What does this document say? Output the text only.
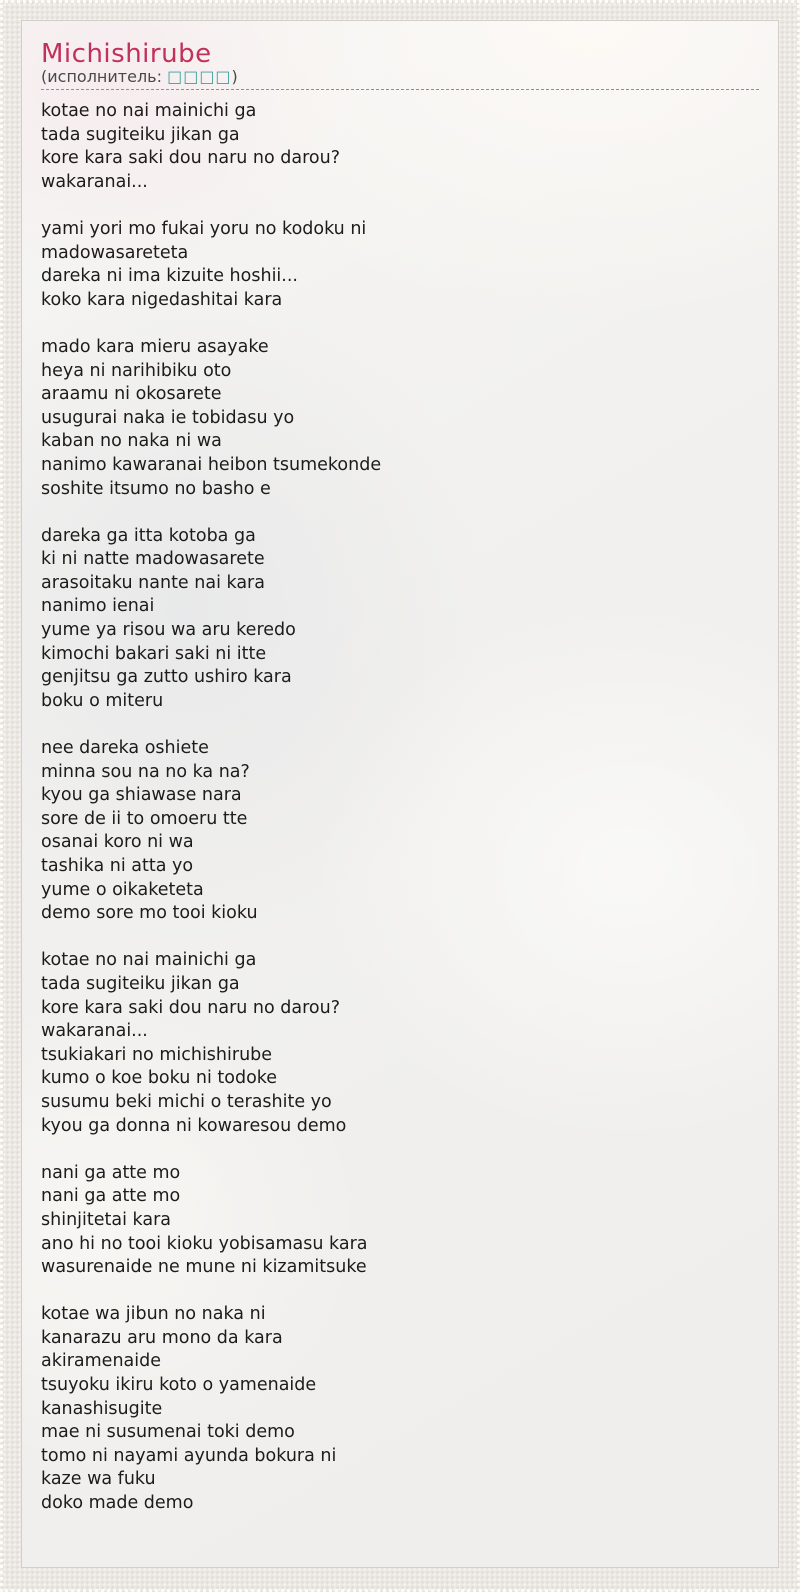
Michishirube
(исполнитель: □□□□)
kotae no nai mainichi ga
tada sugiteiku jikan ga
kore kara saki dou naru no darou?
wakaranai...
yami yori mo fukai yoru no kodoku ni
madowasareteta
dareka ni ima kizuite hoshii...
koko kara nigedashitai kara
mado kara mieru asayake
heya ni narihibiku oto
araamu ni okosarete
usugurai naka ie tobidasu yo
kaban no naka ni wa
nanimo kawaranai heibon tsumekonde
soshite itsumo no basho e
dareka ga itta kotoba ga
ki ni natte madowasarete
arasoitaku nante nai kara
nanimo ienai
yume ya risou wa aru keredo
kimochi bakari saki ni itte
genjitsu ga zutto ushiro kara
boku o miteru
nee dareka oshiete
minna sou na no ka na?
kyou ga shiawase nara
sore de ii to omoeru tte
osanai koro ni wa
tashika ni atta yo
yume o oikaketeta
demo sore mo tooi kioku
kotae no nai mainichi ga
tada sugiteiku jikan ga
kore kara saki dou naru no darou?
wakaranai...
tsukiakari no michishirube
kumo o koe boku ni todoke
susumu beki michi o terashite yo
kyou ga donna ni kowaresou demo
nani ga atte mo
nani ga atte mo
shinjitetai kara
ano hi no tooi kioku yobisamasu kara
wasurenaide ne mune ni kizamitsuke
kotae wa jibun no naka ni
kanarazu aru mono da kara
akiramenaide
tsuyoku ikiru koto o yamenaide
kanashisugite
mae ni susumenai toki demo
tomo ni nayami ayunda bokura ni
kaze wa fuku
doko made demo
